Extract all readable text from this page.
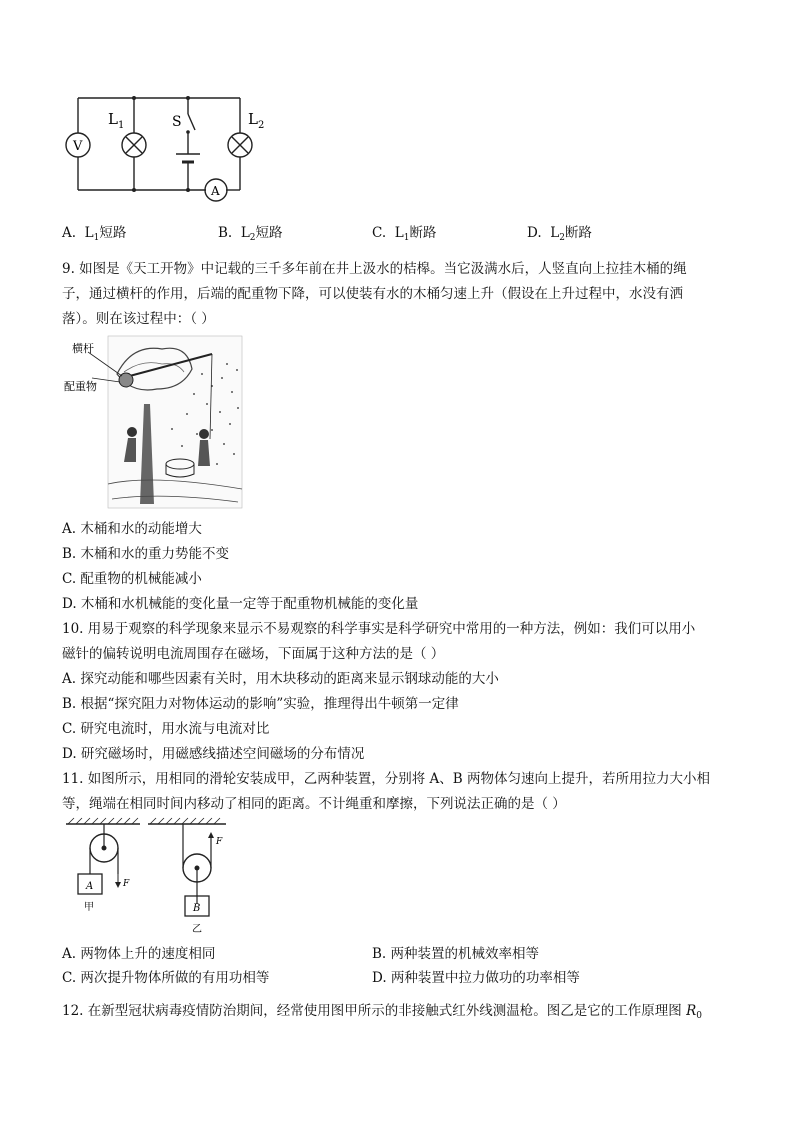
V
A
$L_1$	S	$L_2$
A. $L_1$短路	B. $L_2$短路	C. $L_1$断路	D. $L_2$断路
9. 如图是《天工开物》中记载的三千多年前在井上汲水的桔槔。当它汲满水后，人竖直向上拉挂木桶的绳
子，通过横杆的作用，后端的配重物下降，可以使装有水的木桶匀速上升（假设在上升过程中，水没有洒
落）。则在该过程中：（ ）
横杆
配重物
A. 木桶和水的动能增大
B. 木桶和水的重力势能不变
C. 配重物的机械能减小
D. 木桶和水机械能的变化量一定等于配重物机械能的变化量
10. 用易于观察的科学现象来显示不易观察的科学事实是科学研究中常用的一种方法，例如：我们可以用小
磁针的偏转说明电流周围存在磁场，下面属于这种方法的是（ ）
A. 探究动能和哪些因素有关时，用木块移动的距离来显示钢球动能的大小
B. 根据“探究阻力对物体运动的影响”实验，推理得出牛顿第一定律
C. 研究电流时，用水流与电流对比
D. 研究磁场时，用磁感线描述空间磁场的分布情况
11. 如图所示，用相同的滑轮安装成甲，乙两种装置，分别将 A、B 两物体匀速向上提升，若所用拉力大小相
等，绳端在相同时间内移动了相同的距离。不计绳重和摩擦，下列说法正确的是（ ）
A
B
F
F
甲
乙
A. 两物体上升的速度相同	B. 两种装置的机械效率相等
C. 两次提升物体所做的有用功相等	D. 两种装置中拉力做功的功率相等
12. 在新型冠状病毒疫情防治期间，经常使用图甲所示的非接触式红外线测温枪。图乙是它的工作原理图 $R_0$
